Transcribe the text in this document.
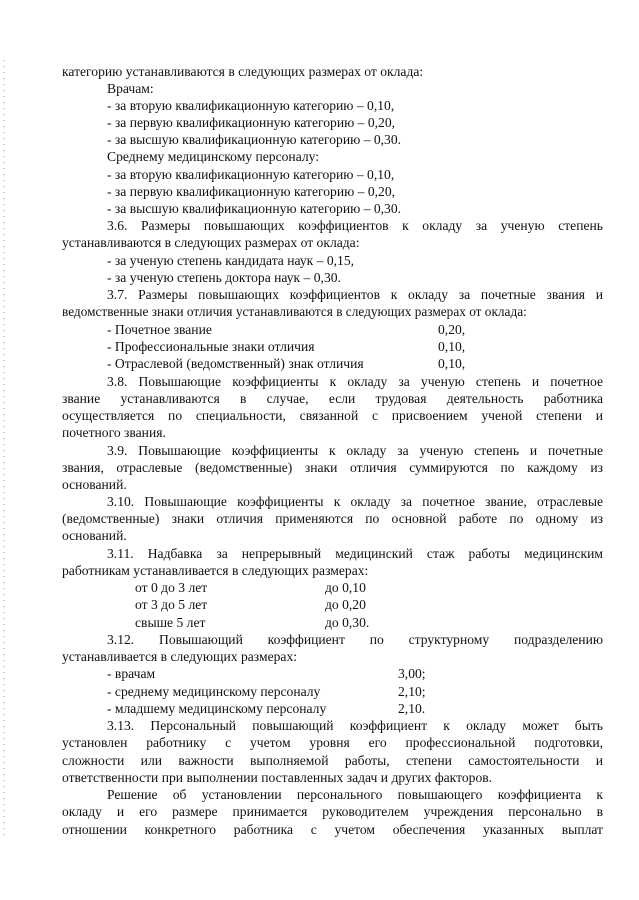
категорию устанавливаются в следующих размерах от оклада:
Врачам:
- за вторую квалификационную категорию – 0,10,
- за первую квалификационную категорию – 0,20,
- за высшую квалификационную категорию – 0,30.
Среднему медицинскому персоналу:
- за вторую квалификационную категорию – 0,10,
- за первую квалификационную категорию – 0,20,
- за высшую квалификационную категорию – 0,30.
3.6. Размеры повышающих коэффициентов к окладу за ученую степень
устанавливаются в следующих размерах от оклада:
- за ученую степень кандидата наук – 0,15,
- за ученую степень доктора наук – 0,30.
3.7. Размеры повышающих коэффициентов к окладу за почетные звания и
ведомственные знаки отличия устанавливаются в следующих размерах от оклада:
- Почетное звание	0,20,
- Профессиональные знаки отличия	0,10,
- Отраслевой (ведомственный) знак отличия	0,10,
3.8. Повышающие коэффициенты к окладу за ученую степень и почетное
звание устанавливаются в случае, если трудовая деятельность работника
осуществляется по специальности, связанной с присвоением ученой степени и
почетного звания.
3.9. Повышающие коэффициенты к окладу за ученую степень и почетные
звания, отраслевые (ведомственные) знаки отличия суммируются по каждому из
оснований.
3.10. Повышающие коэффициенты к окладу за почетное звание, отраслевые
(ведомственные) знаки отличия применяются по основной работе по одному из
оснований.
3.11. Надбавка за непрерывный медицинский стаж работы медицинским
работникам устанавливается в следующих размерах:
от 0 до 3 лет	до 0,10
от 3 до 5 лет	до 0,20
свыше 5 лет	до 0,30.
3.12. Повышающий коэффициент по структурному подразделению
устанавливается в следующих размерах:
- врачам	3,00;
- среднему медицинскому персоналу	2,10;
- младшему медицинскому персоналу	2,10.
3.13. Персональный повышающий коэффициент к окладу может быть
установлен работнику с учетом уровня его профессиональной подготовки,
сложности или важности выполняемой работы, степени самостоятельности и
ответственности при выполнении поставленных задач и других факторов.
Решение об установлении персонального повышающего коэффициента к
окладу и его размере принимается руководителем учреждения персонально в
отношении конкретного работника с учетом обеспечения указанных выплат
